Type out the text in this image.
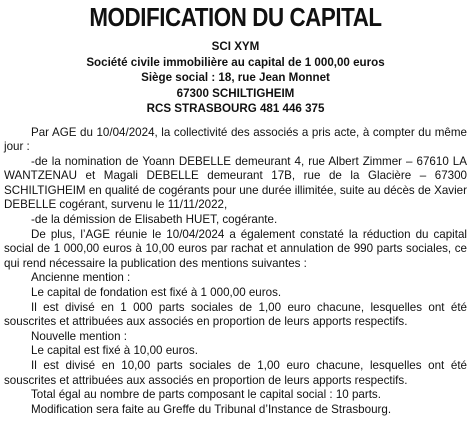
MODIFICATION DU CAPITAL
SCI XYM
Société civile immobilière au capital de 1 000,00 euros
Siège social : 18, rue Jean Monnet
67300 SCHILTIGHEIM
RCS STRASBOURG 481 446 375

Par AGE du 10/04/2024, la collectivité des associés a pris acte, à compter du même jour :

-de la nomination de Yoann DEBELLE demeurant 4, rue Albert Zimmer – 67610 LA WANTZENAU et Magali DEBELLE demeurant 17B, rue de la Glacière – 67300 SCHILTIGHEIM en qualité de cogérants pour une durée illimitée, suite au décès de Xavier DEBELLE cogérant, survenu le 11/11/2022,

-de la démission de Elisabeth HUET, cogérante.

De plus, l’AGE réunie le 10/04/2024 a également constaté la réduction du capital social de 1 000,00 euros à 10,00 euros par rachat et annulation de 990 parts sociales, ce qui rend nécessaire la publication des mentions suivantes :

Ancienne mention :

Le capital de fondation est fixé à 1 000,00 euros.

Il est divisé en 1 000 parts sociales de 1,00 euro chacune, lesquelles ont été souscrites et attribuées aux associés en proportion de leurs apports respectifs.

Nouvelle mention :

Le capital est fixé à 10,00 euros.

Il est divisé en 10,00 parts sociales de 1,00 euro chacune, lesquelles ont été souscrites et attribuées aux associés en proportion de leurs apports respectifs.

Total égal au nombre de parts composant le capital social : 10 parts.

Modification sera faite au Greffe du Tribunal d’Instance de Strasbourg.
